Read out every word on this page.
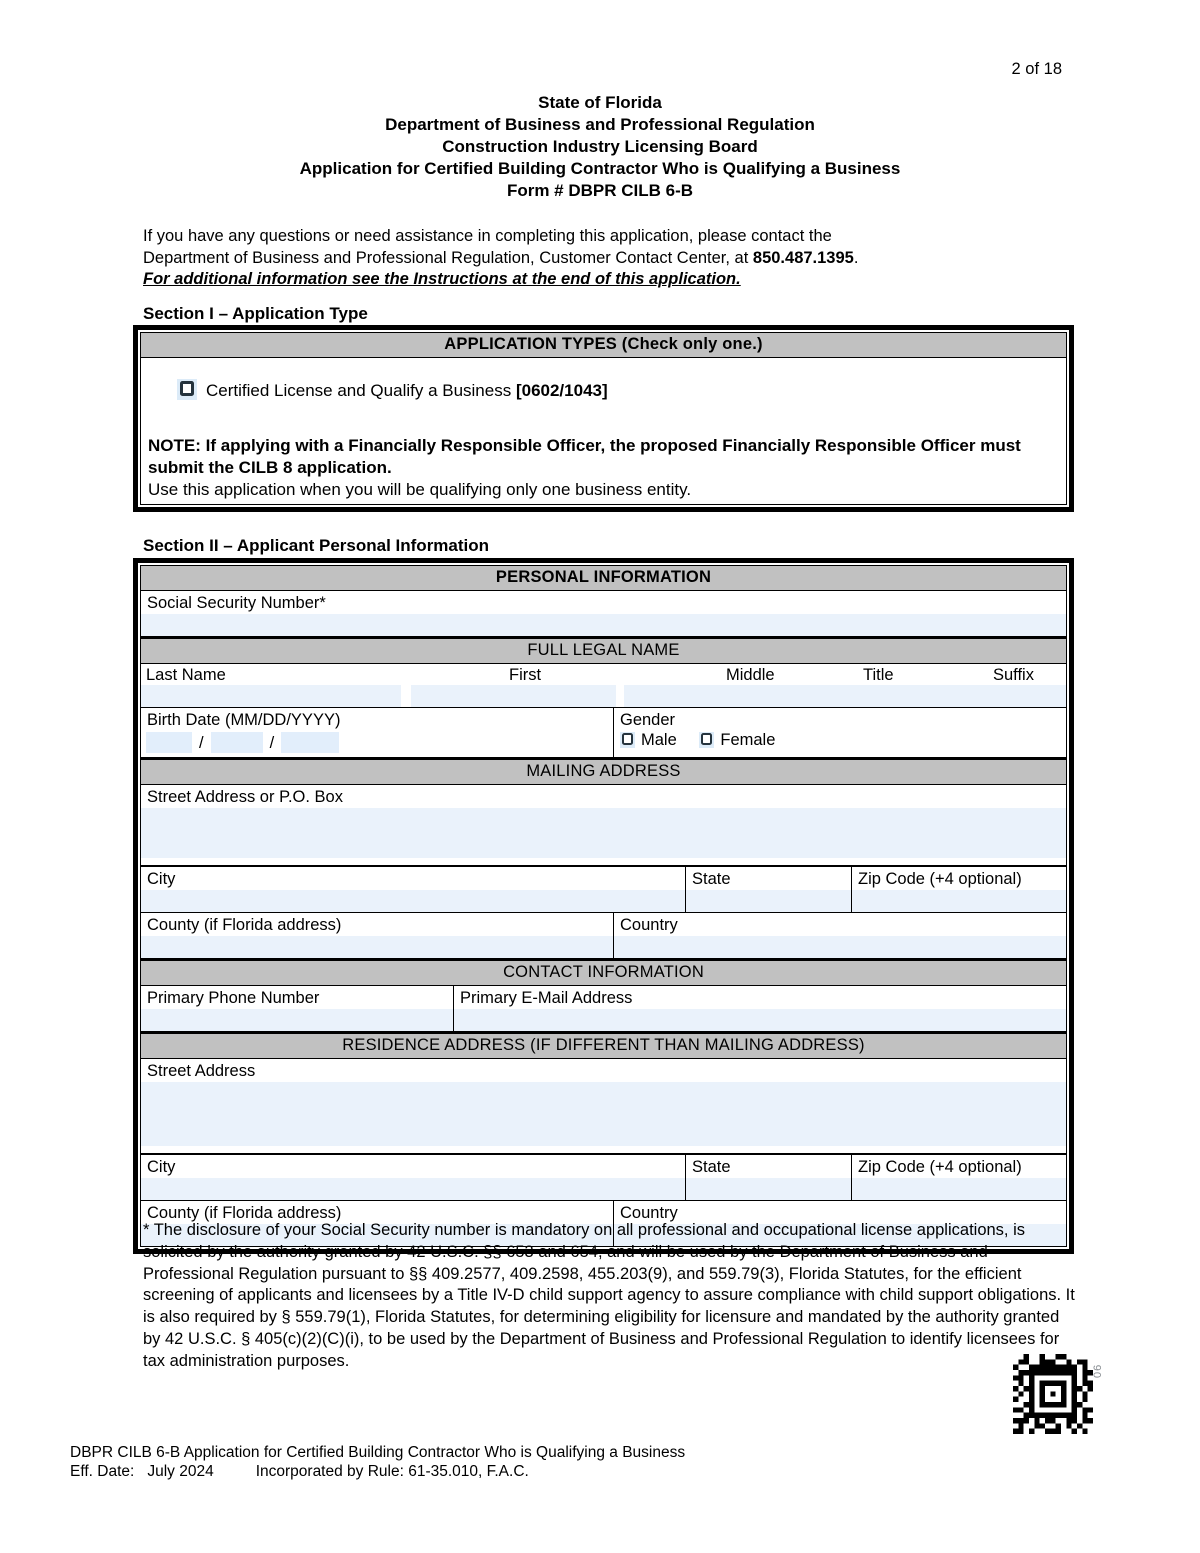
2 of 18
State of Florida
Department of Business and Professional Regulation
Construction Industry Licensing Board
Application for Certified Building Contractor Who is Qualifying a Business
Form # DBPR CILB 6-B

If you have any questions or need assistance in completing this application, please contact the
Department of Business and Professional Regulation, Customer Contact Center, at 850.487.1395.
For additional information see the Instructions at the end of this application.

Section I – Application Type
APPLICATION TYPES (Check only one.)
Certified License and Qualify a Business [0602/1043]
NOTE: If applying with a Financially Responsible Officer, the proposed Financially Responsible Officer must submit the CILB 8 application.
Use this application when you will be qualifying only one business entity.
Section II – Applicant Personal Information
PERSONAL INFORMATION
Social Security Number*
FULL LEGAL NAME
Last Name	First	Middle	Title	Suffix
Birth Date (MM/DD/YYYY)
/	/
Gender
Male	Female
MAILING ADDRESS
Street Address or P.O. Box
City	State	Zip Code (+4 optional)
County (if Florida address)	Country
CONTACT INFORMATION
Primary Phone Number	Primary E-Mail Address
RESIDENCE ADDRESS (IF DIFFERENT THAN MAILING ADDRESS)
Street Address
City	State	Zip Code (+4 optional)
County (if Florida address)	Country

* The disclosure of your Social Security number is mandatory on all professional and occupational license applications, is solicited by the authority granted by 42 U.S.C. §§ 653 and 654, and will be used by the Department of Business and Professional Regulation pursuant to §§ 409.2577, 409.2598, 455.203(9), and 559.79(3), Florida Statutes, for the efficient screening of applicants and licensees by a Title IV-D child support agency to assure compliance with child support obligations. It is also required by § 559.79(1), Florida Statutes, for determining eligibility for licensure and mandated by the authority granted by 42 U.S.C. § 405(c)(2)(C)(i), to be used by the Department of Business and Professional Regulation to identify licensees for tax administration purposes.

06
DBPR CILB 6-B Application for Certified Building Contractor Who is Qualifying a Business
Eff. Date: July 2024	Incorporated by Rule: 61-35.010, F.A.C.
